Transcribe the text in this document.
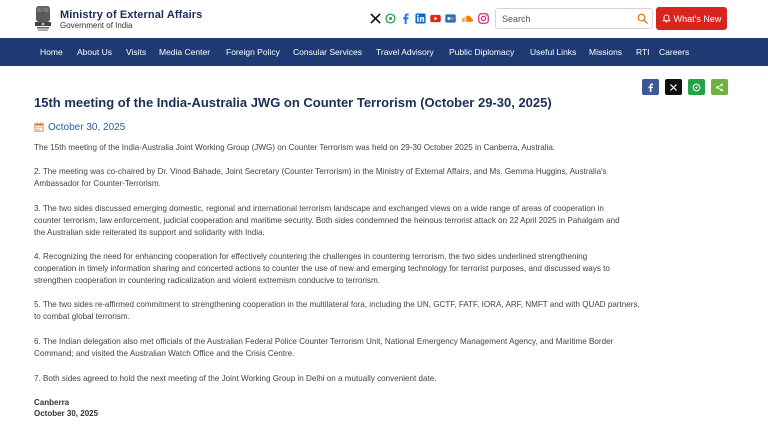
Ministry of External Affairs
Government of India
Search
What's New
Home About Us Visits Media Center Foreign Policy Consular Services Travel Advisory Public Diplomacy Useful Links Missions RTI Careers
15th meeting of the India-Australia JWG on Counter Terrorism (October 29-30, 2025)
October 30, 2025
The 15th meeting of the India-Australia Joint Working Group (JWG) on Counter Terrorism was held on 29-30 October 2025 in Canberra, Australia.
2. The meeting was co-chaired by Dr. Vinod Bahade, Joint Secretary (Counter Terrorism) in the Ministry of External Affairs, and Ms. Gemma Huggins, Australia's
Ambassador for Counter-Terrorism.
3. The two sides discussed emerging domestic, regional and international terrorism landscape and exchanged views on a wide range of areas of cooperation in
counter terrorism, law enforcement, judicial cooperation and maritime security. Both sides condemned the heinous terrorist attack on 22 April 2025 in Pahalgam and
the Australian side reiterated its support and solidarity with India.
4. Recognizing the need for enhancing cooperation for effectively countering the challenges in countering terrorism, the two sides underlined strengthening
cooperation in timely information sharing and concerted actions to counter the use of new and emerging technology for terrorist purposes, and discussed ways to
strengthen cooperation in countering radicalization and violent extremism conducive to terrorism.
5. The two sides re-affirmed commitment to strengthening cooperation in the multilateral fora, including the UN, GCTF, FATF, IORA, ARF, NMFT and with QUAD partners,
to combat global terrorism.
6. The Indian delegation also met officials of the Australian Federal Police Counter Terrorism Unit, National Emergency Management Agency, and Maritime Border
Command; and visited the Australian Watch Office and the Crisis Centre.
7. Both sides agreed to hold the next meeting of the Joint Working Group in Delhi on a mutually convenient date.
Canberra
October 30, 2025
